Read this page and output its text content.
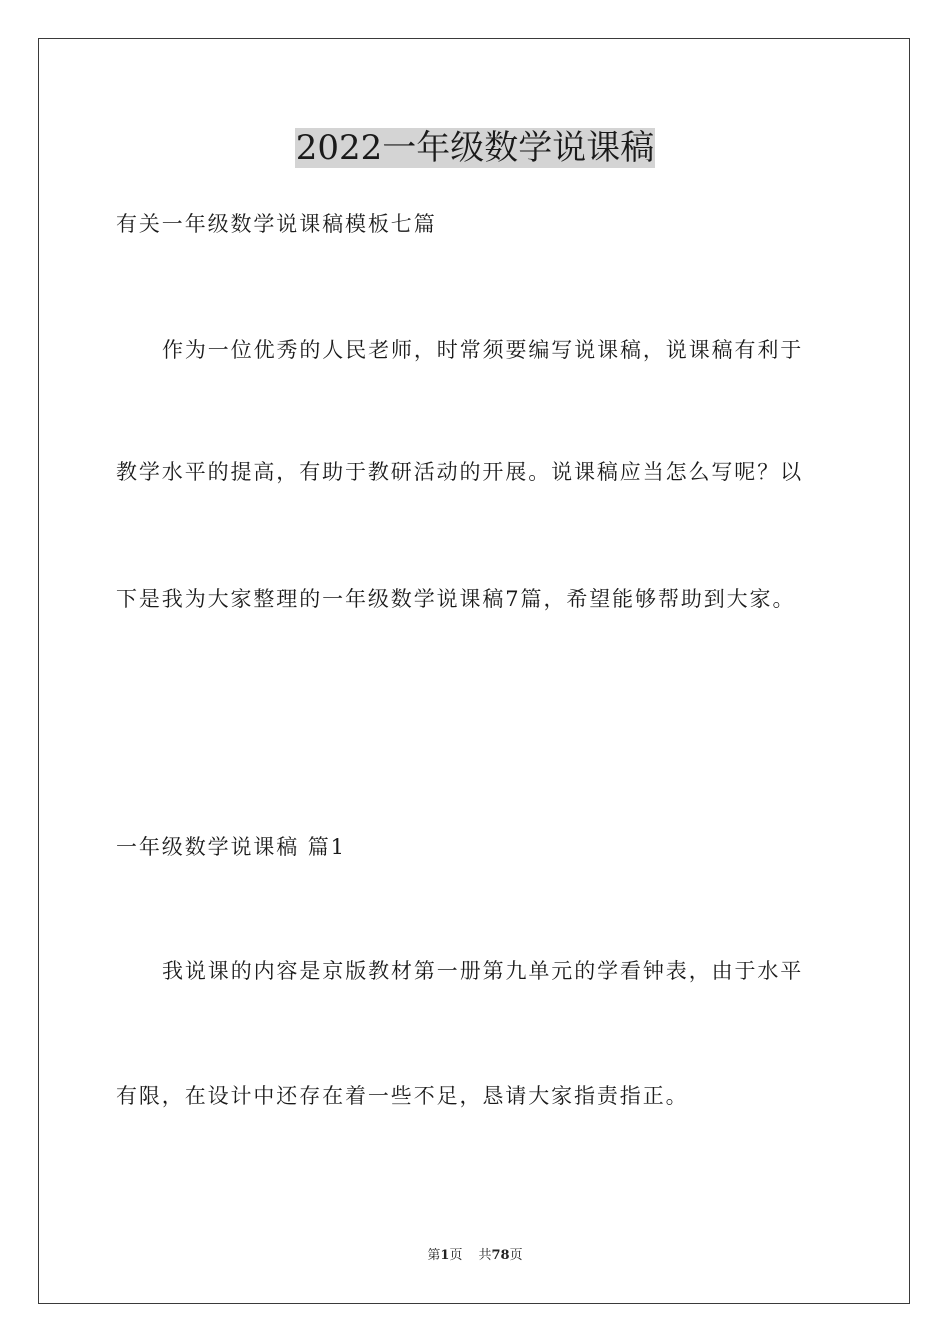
2022一年级数学说课稿
有关一年级数学说课稿模板七篇
作为一位优秀的人民老师，时常须要编写说课稿，说课稿有利于
教学水平的提高，有助于教研活动的开展。说课稿应当怎么写呢？以
下是我为大家整理的一年级数学说课稿7篇，希望能够帮助到大家。
一年级数学说课稿 篇1
我说课的内容是京版教材第一册第九单元的学看钟表，由于水平
有限，在设计中还存在着一些不足，恳请大家指责指正。
第1页 共78页
